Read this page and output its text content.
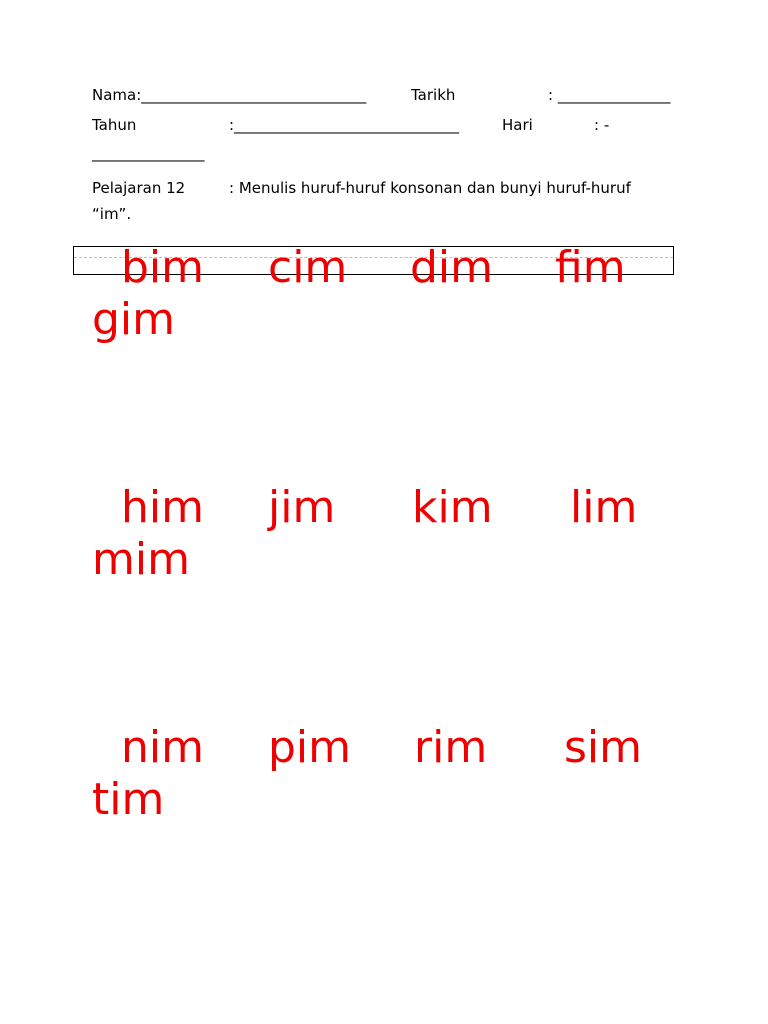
Nama:______________________________	Tarikh	: _______________
Tahun	:______________________________	Hari	: -
_______________
Pelajaran 12	: Menulis huruf-huruf konsonan dan bunyi huruf-huruf
“im”.
bim cim dim fim
gim
him jim kim lim
mim
nim pim rim sim
tim
